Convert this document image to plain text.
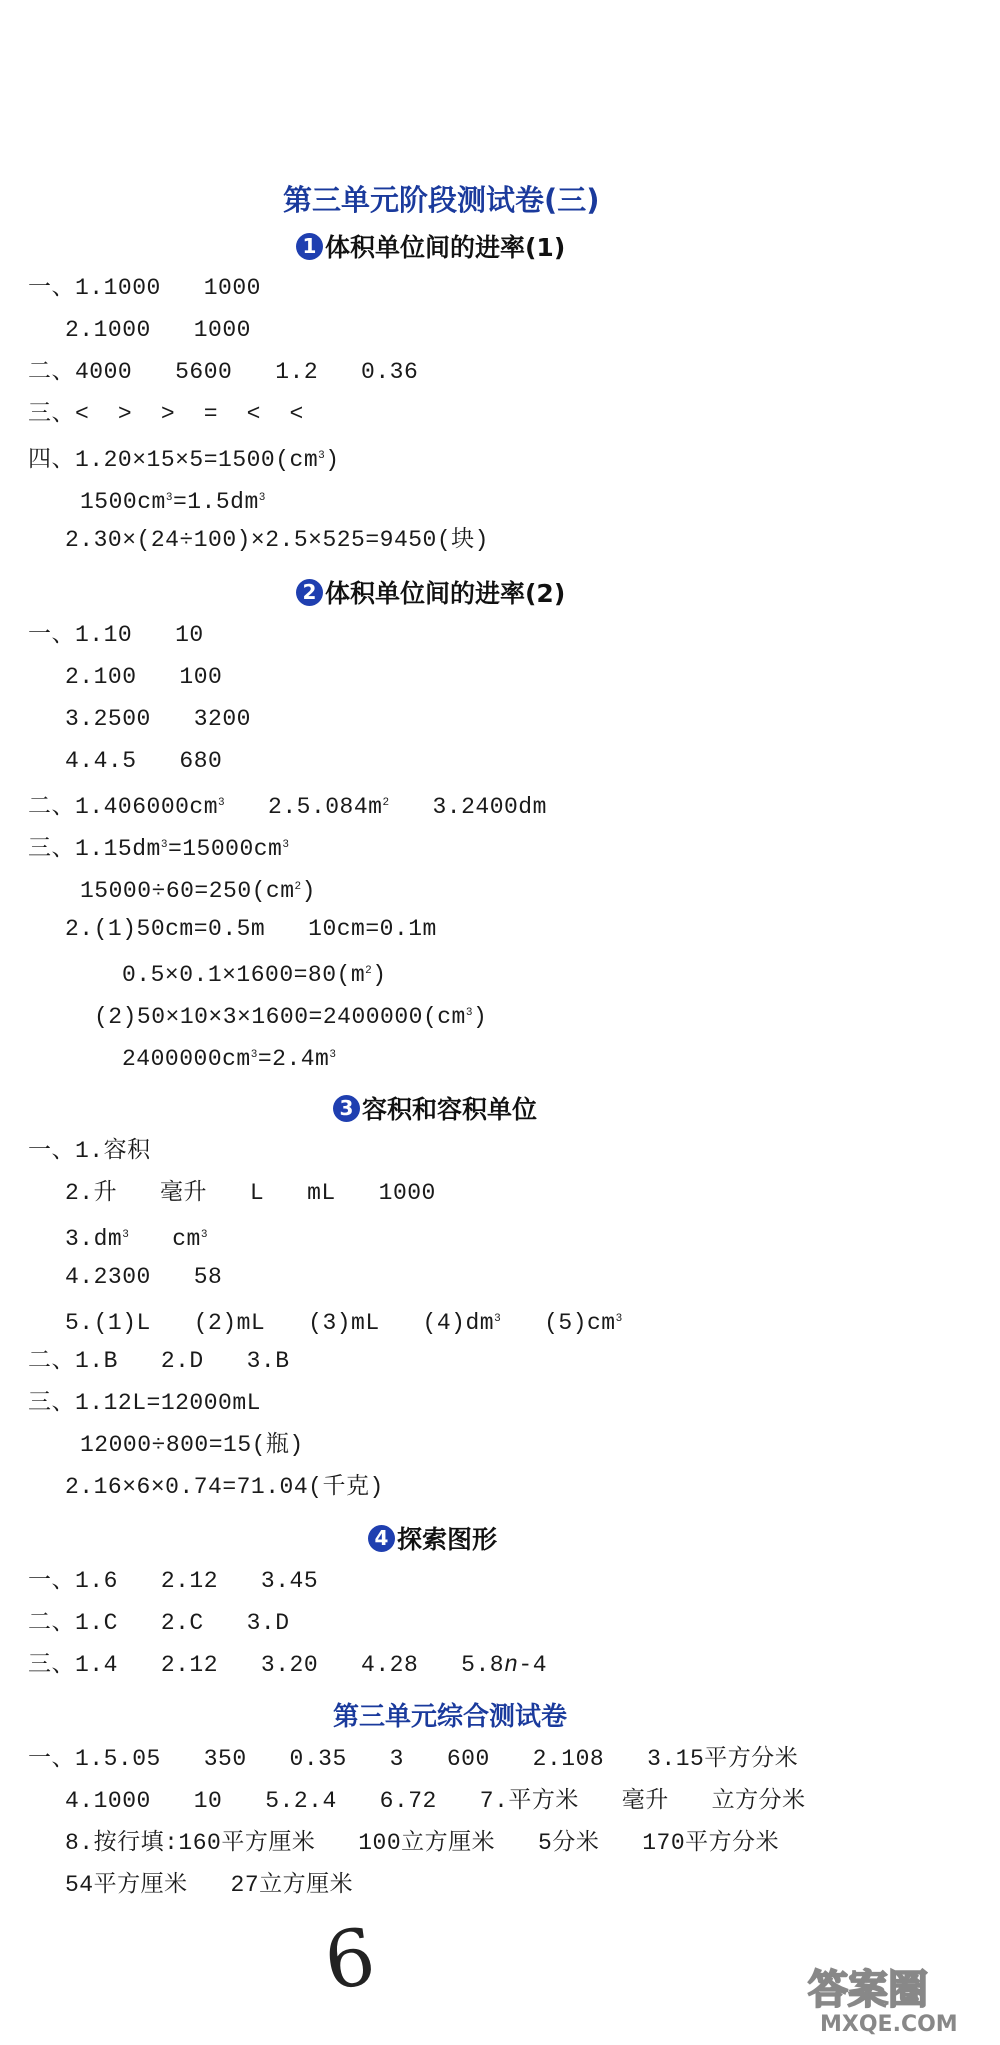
第三单元阶段测试卷(三)
1 体积单位间的进率(1)
一、1.1000   1000
2.1000   1000
二、4000   5600   1.2   0.36
三、<  >  >  =  <  <
四、$1.20\times 15\times 5=1500(cm^3)$
$1500cm^3=1.5dm^3$
2.30×(24÷100)×2.5×525=9450(块)
2 体积单位间的进率(2)
一、1.10   10
2.100   100
3.2500   3200
4.4.5   680
二、$1.406000cm^3$   $2.5.084m^2$   3.2400dm
三、$1.15dm^3=15000cm^3$
$15000\div 60=250(cm^2)$
2.(1)50cm=0.5m   10cm=0.1m
$0.5\times 0.1\times 1600=80(m^2)$
$(2)50\times 10\times 3\times 1600=2400000(cm^3)$
$2400000cm^3=2.4m^3$
3 容积和容积单位
一、1.容积
2.升   毫升   L   mL   1000
$3.dm^3$   $cm^3$
4.2300   58
5.(1)L   (2)mL   (3)mL   $(4)dm^3$   $(5)cm^3$
二、1.B   2.D   3.B
三、1.12L=12000mL
12000÷800=15(瓶)
2.16×6×0.74=71.04(千克)
4 探索图形
一、1.6   2.12   3.45
二、1.C   2.C   3.D
三、1.4   2.12   3.20   4.28   5.8n-4
第三单元综合测试卷
一、1.5.05   350   0.35   3   600   2.108   3.15平方分米
4.1000   10   5.2.4   6.72   7.平方米   毫升   立方分米
8.按行填:160平方厘米   100立方厘米   5分米   170平方分米
54平方厘米   27立方厘米
6	答案圈
MXQE.COM
